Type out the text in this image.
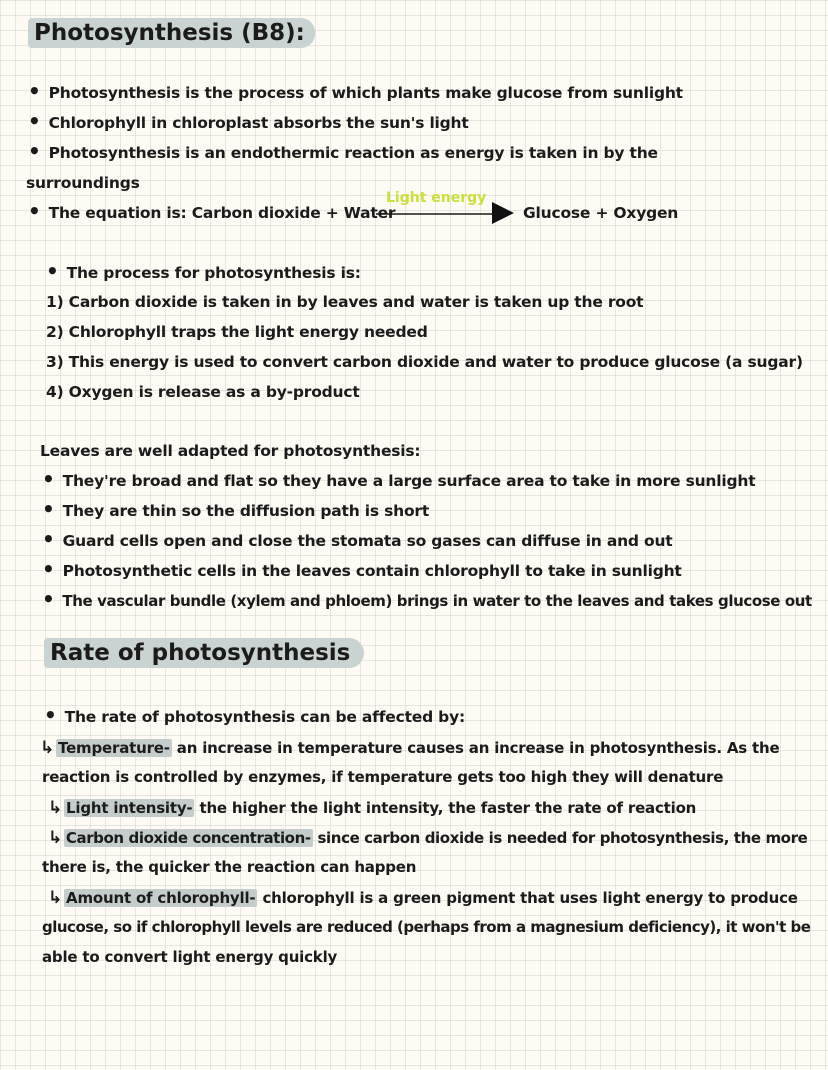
Photosynthesis (B8):
• Photosynthesis is the process of which plants make glucose from sunlight
• Chlorophyll in chloroplast absorbs the sun's light
• Photosynthesis is an endothermic reaction as energy is taken in by the
surroundings
• The equation is: Carbon dioxide + Water
Light energy
Glucose + Oxygen
• The process for photosynthesis is:
1) Carbon dioxide is taken in by leaves and water is taken up the root
2) Chlorophyll traps the light energy needed
3) This energy is used to convert carbon dioxide and water to produce glucose (a sugar)
4) Oxygen is release as a by-product
Leaves are well adapted for photosynthesis:
• They're broad and flat so they have a large surface area to take in more sunlight
• They are thin so the diffusion path is short
• Guard cells open and close the stomata so gases can diffuse in and out
• Photosynthetic cells in the leaves contain chlorophyll to take in sunlight
• The vascular bundle (xylem and phloem) brings in water to the leaves and takes glucose out
Rate of photosynthesis
• The rate of photosynthesis can be affected by:
↳ Temperature- an increase in temperature causes an increase in photosynthesis. As the
reaction is controlled by enzymes, if temperature gets too high they will denature
↳ Light intensity- the higher the light intensity, the faster the rate of reaction
↳ Carbon dioxide concentration- since carbon dioxide is needed for photosynthesis, the more
there is, the quicker the reaction can happen
↳ Amount of chlorophyll- chlorophyll is a green pigment that uses light energy to produce
glucose, so if chlorophyll levels are reduced (perhaps from a magnesium deficiency), it won't be
able to convert light energy quickly
